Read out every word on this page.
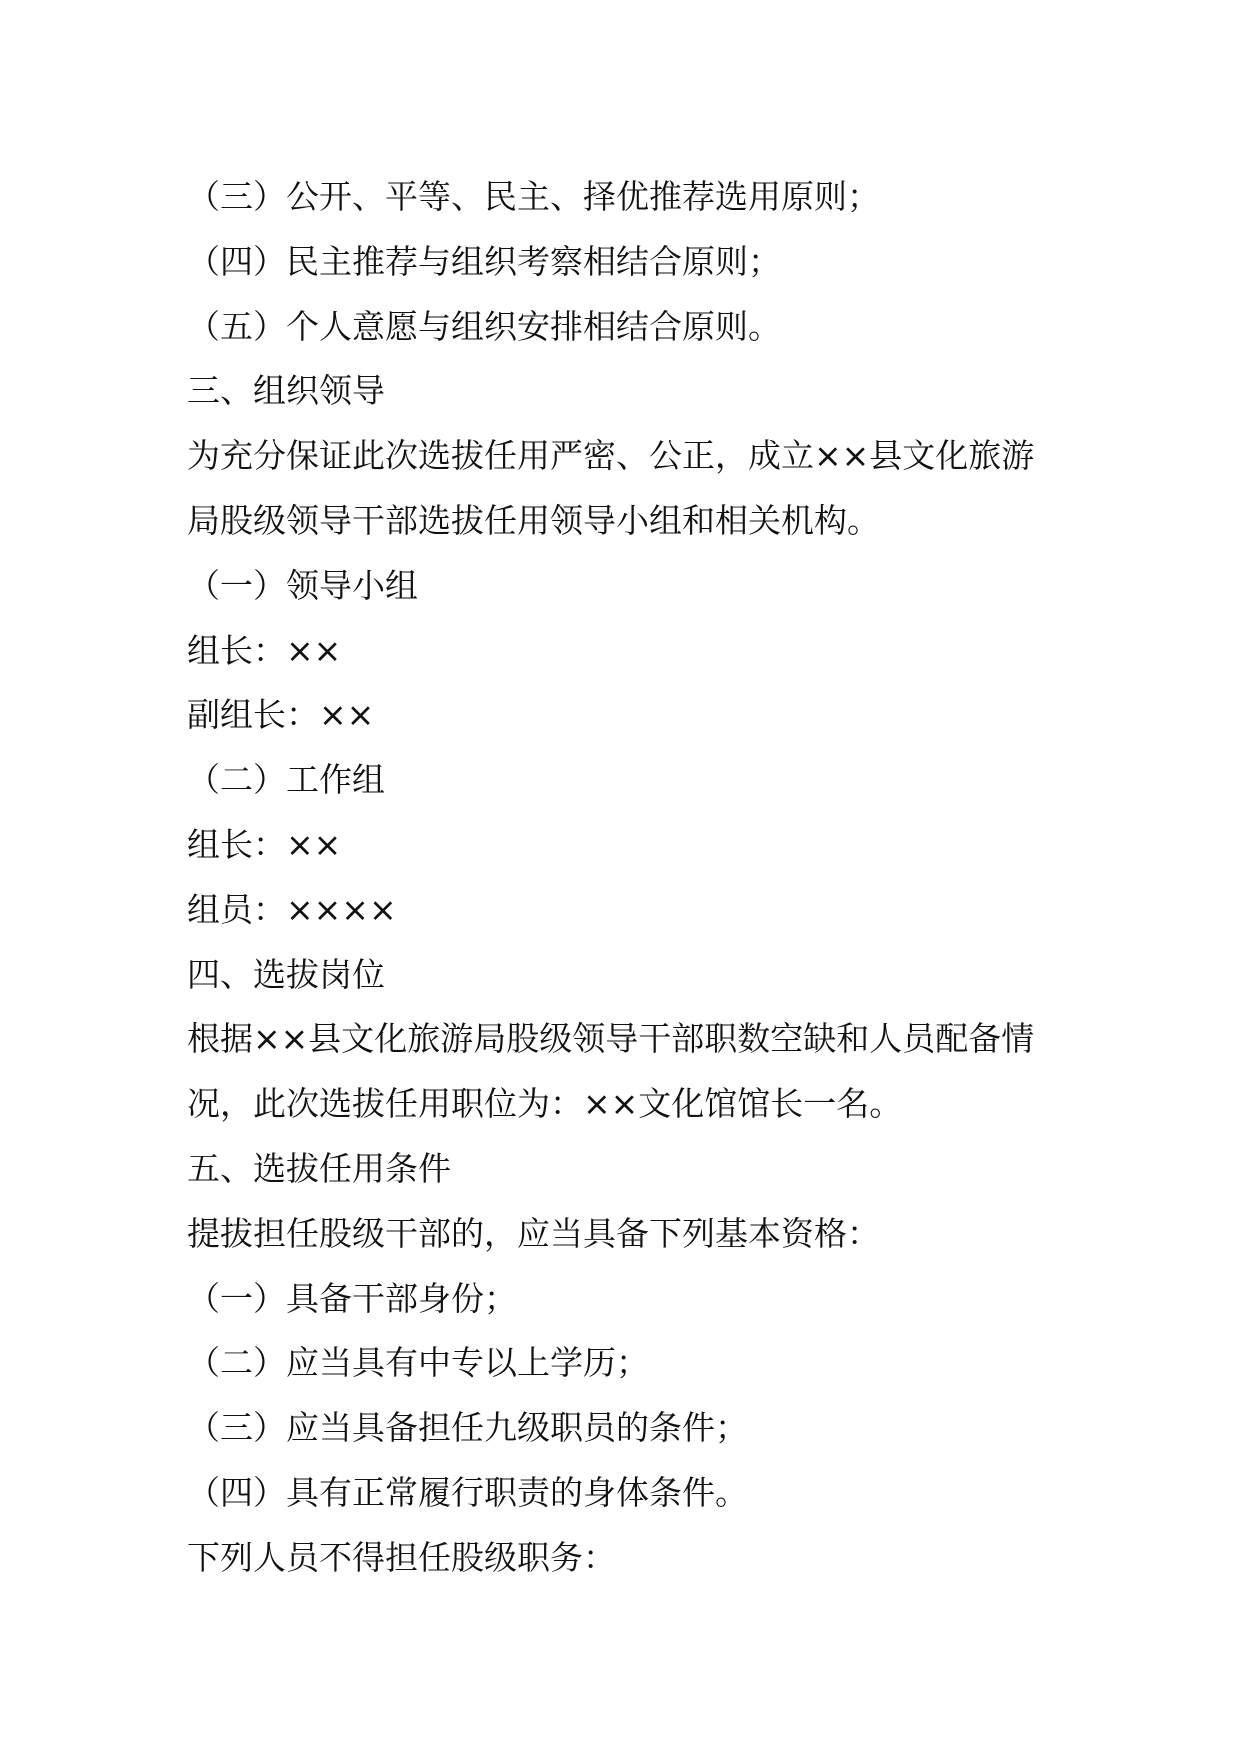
（三）公开、平等、民主、择优推荐选用原则；
（四）民主推荐与组织考察相结合原则；
（五）个人意愿与组织安排相结合原则。
三、组织领导
为充分保证此次选拔任用严密、公正，成立××县文化旅游
局股级领导干部选拔任用领导小组和相关机构。
（一）领导小组
组长：××
副组长：××
（二）工作组
组长：××
组员：××××
四、选拔岗位
根据××县文化旅游局股级领导干部职数空缺和人员配备情
况，此次选拔任用职位为：××文化馆馆长一名。
五、选拔任用条件
提拔担任股级干部的，应当具备下列基本资格：
（一）具备干部身份；
（二）应当具有中专以上学历；
（三）应当具备担任九级职员的条件；
（四）具有正常履行职责的身体条件。
下列人员不得担任股级职务：
